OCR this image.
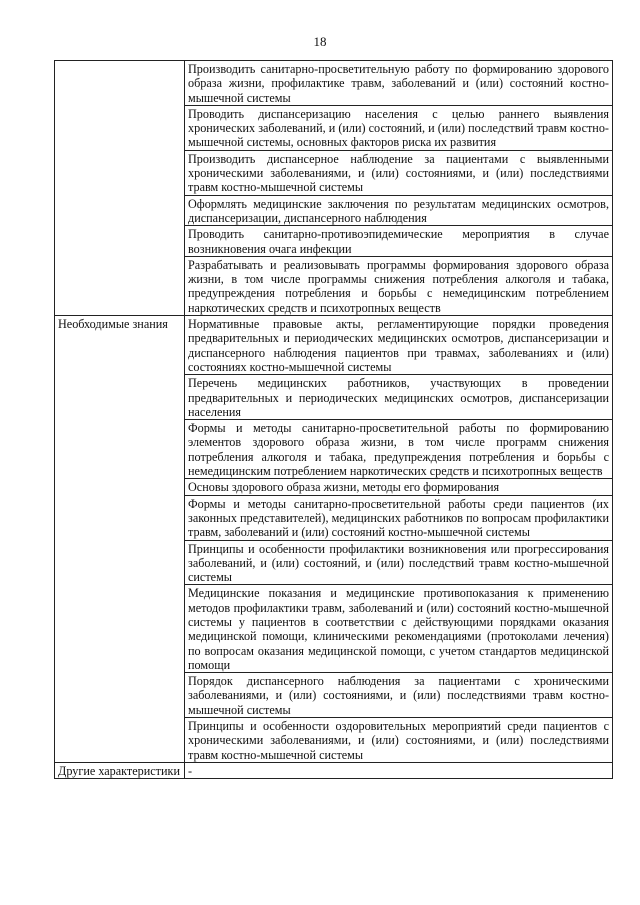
18
	Производить санитарно-просветительную работу по формированию здорового образа жизни, профилактике травм, заболеваний и (или) состояний костно-мышечной системы
	Проводить диспансеризацию населения с целью раннего выявления хронических заболеваний, и (или) состояний, и (или) последствий травм костно-мышечной системы, основных факторов риска их развития
	Производить диспансерное наблюдение за пациентами с выявленными хроническими заболеваниями, и (или) состояниями, и (или) последствиями травм костно-мышечной системы
	Оформлять медицинские заключения по результатам медицинских осмотров, диспансеризации, диспансерного наблюдения
	Проводить санитарно-противоэпидемические мероприятия в случае возникновения очага инфекции
	Разрабатывать и реализовывать программы формирования здорового образа жизни, в том числе программы снижения потребления алкоголя и табака, предупреждения потребления и борьбы с немедицинским потреблением наркотических средств и психотропных веществ
Необходимые знания	Нормативные правовые акты, регламентирующие порядки проведения предварительных и периодических медицинских осмотров, диспансеризации и диспансерного наблюдения пациентов при травмах, заболеваниях и (или) состояниях костно-мышечной системы
	Перечень медицинских работников, участвующих в проведении предварительных и периодических медицинских осмотров, диспансеризации населения
	Формы и методы санитарно-просветительной работы по формированию элементов здорового образа жизни, в том числе программ снижения потребления алкоголя и табака, предупреждения потребления и борьбы с немедицинским потреблением наркотических средств и психотропных веществ
	Основы здорового образа жизни, методы его формирования
	Формы и методы санитарно-просветительной работы среди пациентов (их законных представителей), медицинских работников по вопросам профилактики травм, заболеваний и (или) состояний костно-мышечной системы
	Принципы и особенности профилактики возникновения или прогрессирования заболеваний, и (или) состояний, и (или) последствий травм костно-мышечной системы
	Медицинские показания и медицинские противопоказания к применению методов профилактики травм, заболеваний и (или) состояний костно-мышечной системы у пациентов в соответствии с действующими порядками оказания медицинской помощи, клиническими рекомендациями (протоколами лечения) по вопросам оказания медицинской помощи, с учетом стандартов медицинской помощи
	Порядок диспансерного наблюдения за пациентами с хроническими заболеваниями, и (или) состояниями, и (или) последствиями травм костно-мышечной системы
	Принципы и особенности оздоровительных мероприятий среди пациентов с хроническими заболеваниями, и (или) состояниями, и (или) последствиями травм костно-мышечной системы
Другие характеристики	-
